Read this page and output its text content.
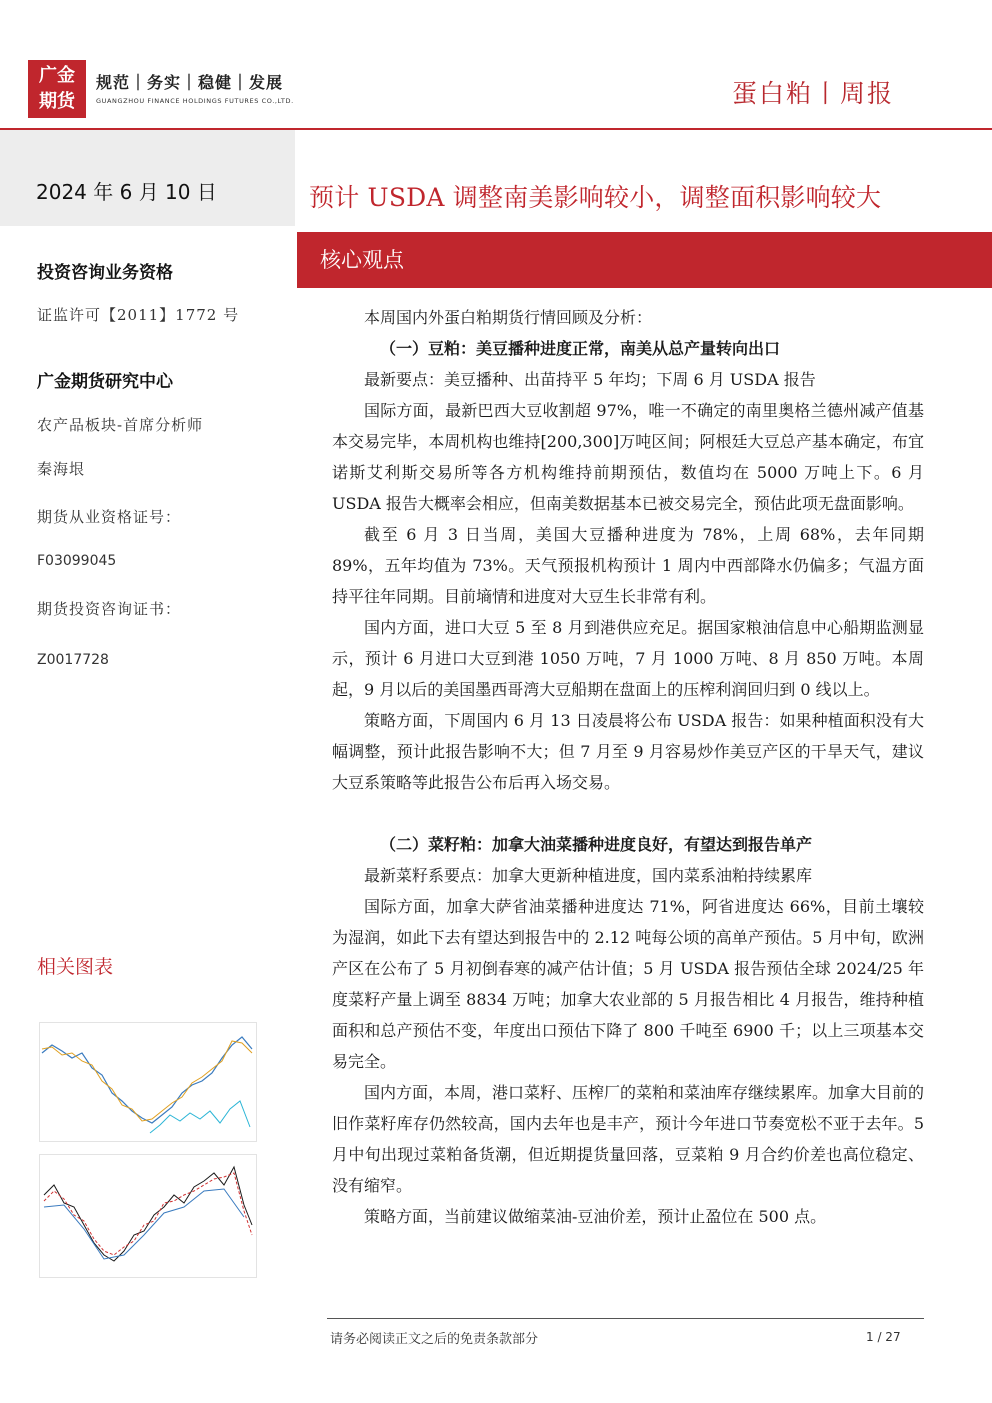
广金
期货
规范｜务实｜稳健｜发展
GUANGZHOU FINANCE HOLDINGS FUTURES CO.,LTD.	蛋白粕丨周报
2024 年 6 月 10 日
投资咨询业务资格
证监许可【2011】1772 号
广金期货研究中心
农产品板块-首席分析师
秦海垠
期货从业资格证号：
F03099045
期货投资咨询证书：
Z0017728
相关图表
预计 USDA 调整南美影响较小，调整面积影响较大
核心观点

本周国内外蛋白粕期货行情回顾及分析：

（一）豆粕：美豆播种进度正常，南美从总产量转向出口

最新要点：美豆播种、出苗持平 5 年均；下周 6 月 USDA 报告

国际方面，最新巴西大豆收割超 97%，唯一不确定的南里奥格兰德州减产值基本交易完毕，本周机构也维持[200,300]万吨区间；阿根廷大豆总产基本确定，布宜诺斯艾利斯交易所等各方机构维持前期预估，数值均在 5000 万吨上下。6 月 USDA 报告大概率会相应，但南美数据基本已被交易完全，预估此项无盘面影响。

截至 6 月 3 日当周，美国大豆播种进度为 78%，上周 68%，去年同期 89%，五年均值为 73%。天气预报机构预计 1 周内中西部降水仍偏多；气温方面持平往年同期。目前墒情和进度对大豆生长非常有利。

国内方面，进口大豆 5 至 8 月到港供应充足。据国家粮油信息中心船期监测显示，预计 6 月进口大豆到港 1050 万吨，7 月 1000 万吨、8 月 850 万吨。本周起，9 月以后的美国墨西哥湾大豆船期在盘面上的压榨利润回归到 0 线以上。

策略方面，下周国内 6 月 13 日凌晨将公布 USDA 报告：如果种植面积没有大幅调整，预计此报告影响不大；但 7 月至 9 月容易炒作美豆产区的干旱天气，建议大豆系策略等此报告公布后再入场交易。

（二）菜籽粕：加拿大油菜播种进度良好，有望达到报告单产

最新菜籽系要点：加拿大更新种植进度，国内菜系油粕持续累库

国际方面，加拿大萨省油菜播种进度达 71%，阿省进度达 66%，目前土壤较为湿润，如此下去有望达到报告中的 2.12 吨每公顷的高单产预估。5 月中旬，欧洲产区在公布了 5 月初倒春寒的减产估计值；5 月 USDA 报告预估全球 2024/25 年度菜籽产量上调至 8834 万吨；加拿大农业部的 5 月报告相比 4 月报告，维持种植面积和总产预估不变，年度出口预估下降了 800 千吨至 6900 千；以上三项基本交易完全。

国内方面，本周，港口菜籽、压榨厂的菜粕和菜油库存继续累库。加拿大目前的旧作菜籽库存仍然较高，国内去年也是丰产，预计今年进口节奏宽松不亚于去年。5 月中旬出现过菜粕备货潮，但近期提货量回落，豆菜粕 9 月合约价差也高位稳定、没有缩窄。

策略方面，当前建议做缩菜油-豆油价差，预计止盈位在 500 点。

请务必阅读正文之后的免责条款部分	1 / 27
